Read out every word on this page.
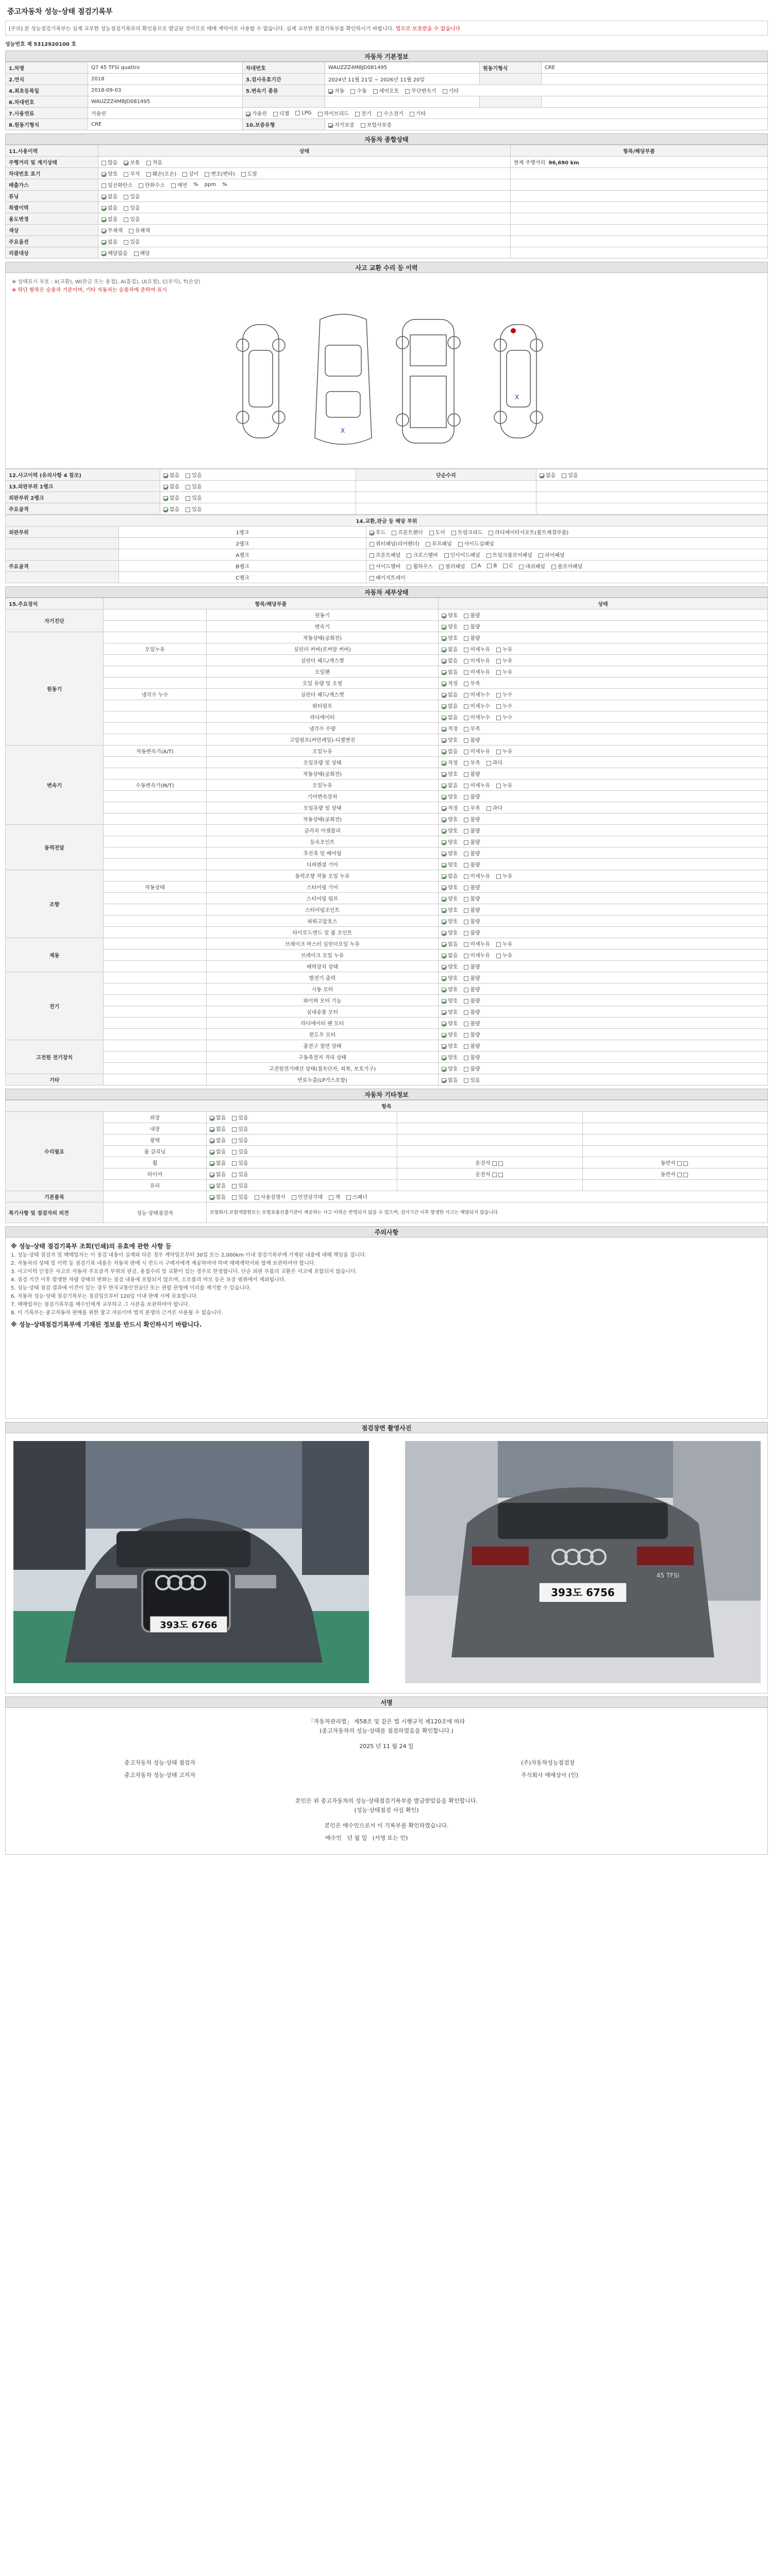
중고자동차 성능·상태 점검기록부
[주의] 본 성능점검기록부는 실제 교부한 성능점검기록부의 확인용으로 발급된 것이므로 매매 계약서로 사용할 수 없습니다. 실제 교부한 점검기록부를 확인하시기 바랍니다. 법으로 보호받을 수 없습니다
성능번호 제 5312920100 호
자동차 기본정보
1.차명	Q7 45 TFSI quattro	차대번호	WAUZZZ4M8JD081495	원동기형식	CRE
2.연식	2018	3.검사유효기간	2024년 11월 21일 ~ 2026년 11월 20일		
4.최초등록일	2018-09-03	5.변속기 종류	자동 수동 세미오토 무단변속기 기타		
6.차대번호	WAUZZZ4M8JD081495				
7.사용연료	가솔린	가솔린 디젤 LPG 하이브리드 전기 수소전기 기타			
8.원동기형식	CRE	10.보증유형	자가보증 보험사보증		
자동차 종합상태
11.사용이력	상태	항목/해당부품
주행거리 및 계기상태	많음 보통 적음	현재 주행거리 96,690 km
차대번호 표기	양호 부식 훼손(오손) 상이 변조(변타) 도말	
배출가스	일산화탄소 탄화수소 매연 % ppm %	
튜닝	없음 있음	
특별이력	없음 있음	
용도변경	없음 있음	
색상	무채색 유채색	
주요옵션	없음 있음	
리콜대상	해당없음 해당	
사고 교환 수리 등 이력
※ 상태표시 부호 : X(교환), W(판금 또는 용접), A(흠집), U(요철), C(부식), T(손상)
※ 하단 항목은 승용차 기준이며, 기타 자동차는 승용차에 준하여 표시
X
X
12.사고이력 (유의사항 4 참조)	없음 있음	단순수리	없음 있음
13.외판부위 1랭크	없음 있음		
외판부위 2랭크	없음 있음		
주요골격	없음 있음		
14.교환,판금 등 해당 부위		
외판부위	1랭크	후드 프론트펜더 도어 트렁크리드 라디에이터서포트(볼트체결부품)
	2랭크	쿼터패널(리어펜더) 루프패널 사이드실패널
	A랭크	프론트패널 크로스멤버 인사이드패널 트렁크플로어패널 리어패널
주요골격	B랭크	사이드멤버 휠하우스 필러패널 A B C 대쉬패널 플로어패널
	C랭크	패키지트레이
자동차 세부상태
15.주요장치	항목/해당부품		상태
자기진단		원동기	양호 불량
		변속기	양호 불량
원동기		작동상태(공회전)	양호 불량
	오일누유	실린더 커버(로커암 커버)	없음 미세누유 누유
		실린더 헤드/개스켓	없음 미세누유 누유
		오일팬	없음 미세누유 누유
		오일 유량 및 오염	적정 부족
	냉각수 누수	실린더 헤드/개스켓	없음 미세누수 누수
		워터펌프	없음 미세누수 누수
		라디에이터	없음 미세누수 누수
		냉각수 수량	적정 부족
		고압펌프(커먼레일)-디젤엔진	양호 불량
변속기	자동변속기(A/T)	오일누유	없음 미세누유 누유
		오일유량 및 상태	적정 부족 과다
		작동상태(공회전)	양호 불량
	수동변속기(M/T)	오일누유	없음 미세누유 누유
		기어변속장치	양호 불량
		오일유량 및 상태	적정 부족 과다
		작동상태(공회전)	양호 불량
동력전달		클러치 어셈블리	양호 불량
		등속조인트	양호 불량
		추진축 및 베어링	양호 불량
		디퍼렌셜 기어	양호 불량
조향		동력조향 작동 오일 누유	없음 미세누유 누유
	작동상태	스티어링 기어	양호 불량
		스티어링 펌프	양호 불량
		스티어링조인트	양호 불량
		파워고압호스	양호 불량
		타이로드엔드 및 볼 조인트	양호 불량
제동		브레이크 마스터 실린더오일 누유	없음 미세누유 누유
		브레이크 오일 누유	없음 미세누유 누유
		배력장치 상태	양호 불량
전기		발전기 출력	양호 불량
		시동 모터	양호 불량
		와이퍼 모터 기능	양호 불량
		실내송풍 모터	양호 불량
		라디에이터 팬 모터	양호 불량
		윈도우 모터	양호 불량
고전원 전기장치		충전구 절연 상태	양호 불량
		구동축전지 격리 상태	양호 불량
		고전원전기배선 상태(접속단자, 피복, 보호기구)	양호 불량
기타		연료누출(LP가스포함)	없음 있음
자동차 기타정보
항목				
수리필요	외장	없음 있음		
	내장	없음 있음		
	광택	없음 있음		
	룸 클리닝	없음 있음		
	휠	없음 있음	운전석	동반석
	타이어	없음 있음	운전석	동반석
	유리	없음 있음		
기본품목		없음 있음 사용설명서 안전삼각대 잭 스패너		
특기사항 및 점검자의 의견	성능·상태점검자	보험회사,보험개발원또는 보험료율산출기관이 제공하는 사고 이력은 반영되지 않을 수 있으며, 검사기간 이후 발생한 사고는 해당되지 않습니다.		
주의사항
※ 성능·상태 점검기록부 조회(인쇄)의 유효에 관한 사항 등
1. 성능·상태 점검자 및 매매업자는 이 점검 내용이 실제와 다른 경우 계약일로부터 30일 또는 2,000km 이내 점검기록부에 기재된 내용에 대해 책임을 집니다.
2. 자동차의 상태 및 이력 등 점검기록 내용은 자동차 판매 시 반드시 구매자에게 제공하여야 하며 매매계약서와 함께 보관하여야 합니다.
3. 사고이력 인정은 사고로 자동차 주요골격 부위의 판금, 용접수리 및 교환이 있는 경우로 한정합니다. 단순 외판 부품의 교환은 사고에 포함되지 않습니다.
4. 점검 기간 이후 발생한 차량 상태의 변화는 점검 내용에 포함되지 않으며, 소모품의 마모 등은 보증 범위에서 제외됩니다.
5. 성능·상태 점검 결과에 이견이 있는 경우 한국교통안전공단 또는 관할 관청에 이의를 제기할 수 있습니다.
6. 자동차 성능·상태 점검기록부는 점검일로부터 120일 이내 판매 시에 유효합니다.
7. 매매업자는 점검기록부를 매수인에게 교부하고 그 사본을 보관하여야 합니다.
8. 이 기록부는 중고자동차 판매를 위한 참고 자료이며 법적 분쟁의 근거로 사용될 수 없습니다.
※ 성능·상태점검기록부에 기재된 정보를 반드시 확인하시기 바랍니다.
점검장면 촬영사진
393도 6766
393도 6756
45 TFSI
서명
「자동차관리법」 제58조 및 같은 법 시행규칙 제120조에 따라
(중고자동차의 성능·상태를 점검하였음을 확인합니다.)
2025 년 11 월 24 일
중고자동차 성능·상태 점검자	(주)자동차성능점검장
중고자동차 성능·상태 고지자	주식회사 매매상사 (인)
본인은 위 중고자동차의 성능·상태점검기록부를 발급받았음을 확인합니다.
(성능·상태점검 사실 확인)
본인은 매수인으로서 이 기록부를 확인하였습니다.
매수인 년 월 일 (서명 또는 인)
